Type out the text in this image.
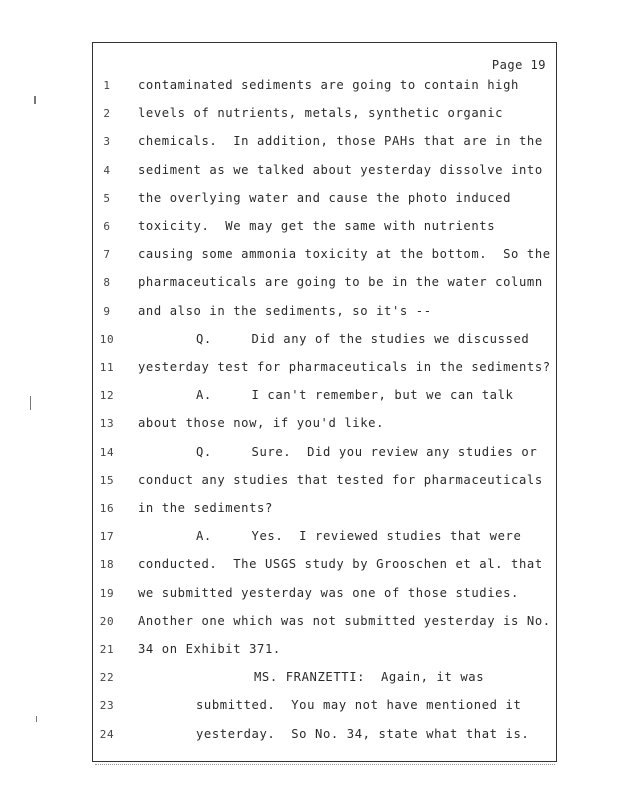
Page 19
1	contaminated sediments are going to contain high
2	levels of nutrients, metals, synthetic organic
3	chemicals.  In addition, those PAHs that are in the
4	sediment as we talked about yesterday dissolve into
5	the overlying water and cause the photo induced
6	toxicity.  We may get the same with nutrients
7	causing some ammonia toxicity at the bottom.  So the
8	pharmaceuticals are going to be in the water column
9	and also in the sediments, so it's --
10	Q.     Did any of the studies we discussed
11	yesterday test for pharmaceuticals in the sediments?
12	A.     I can't remember, but we can talk
13	about those now, if you'd like.
14	Q.     Sure.  Did you review any studies or
15	conduct any studies that tested for pharmaceuticals
16	in the sediments?
17	A.     Yes.  I reviewed studies that were
18	conducted.  The USGS study by Grooschen et al. that
19	we submitted yesterday was one of those studies.
20	Another one which was not submitted yesterday is No.
21	34 on Exhibit 371.
22	MS. FRANZETTI:  Again, it was
23	submitted.  You may not have mentioned it
24	yesterday.  So No. 34, state what that is.
